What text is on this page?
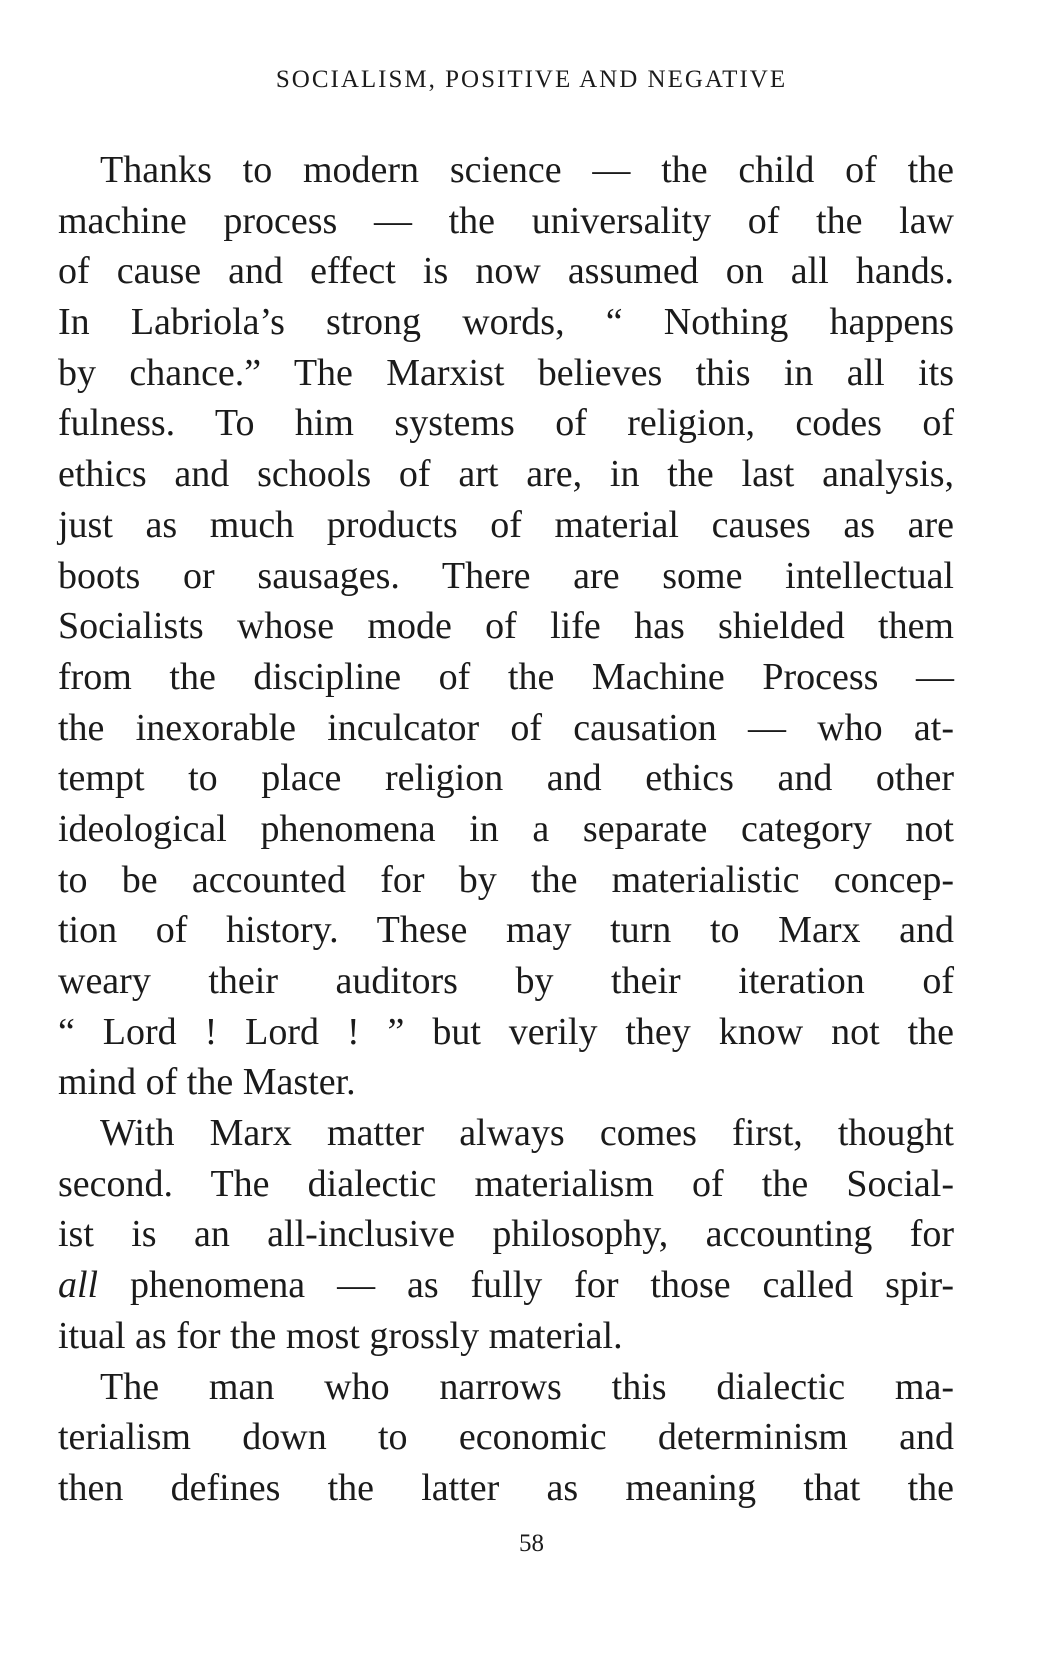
SOCIALISM, POSITIVE AND NEGATIVE
Thanks to modern science — the child of the
machine process — the universality of the law
of cause and effect is now assumed on all hands.
In Labriola’s strong words, “ Nothing happens
by chance.” The Marxist believes this in all its
fulness. To him systems of religion, codes of
ethics and schools of art are, in the last analysis,
just as much products of material causes as are
boots or sausages. There are some intellectual
Socialists whose mode of life has shielded them
from the discipline of the Machine Process —
the inexorable inculcator of causation — who at-
tempt to place religion and ethics and other
ideological phenomena in a separate category not
to be accounted for by the materialistic concep-
tion of history. These may turn to Marx and
weary their auditors by their iteration of
“ Lord ! Lord ! ” but verily they know not the
mind of the Master.
With Marx matter always comes first, thought
second. The dialectic materialism of the Social-
ist is an all-inclusive philosophy, accounting for
all phenomena — as fully for those called spir-
itual as for the most grossly material.
The man who narrows this dialectic ma-
terialism down to economic determinism and
then defines the latter as meaning that the
58
